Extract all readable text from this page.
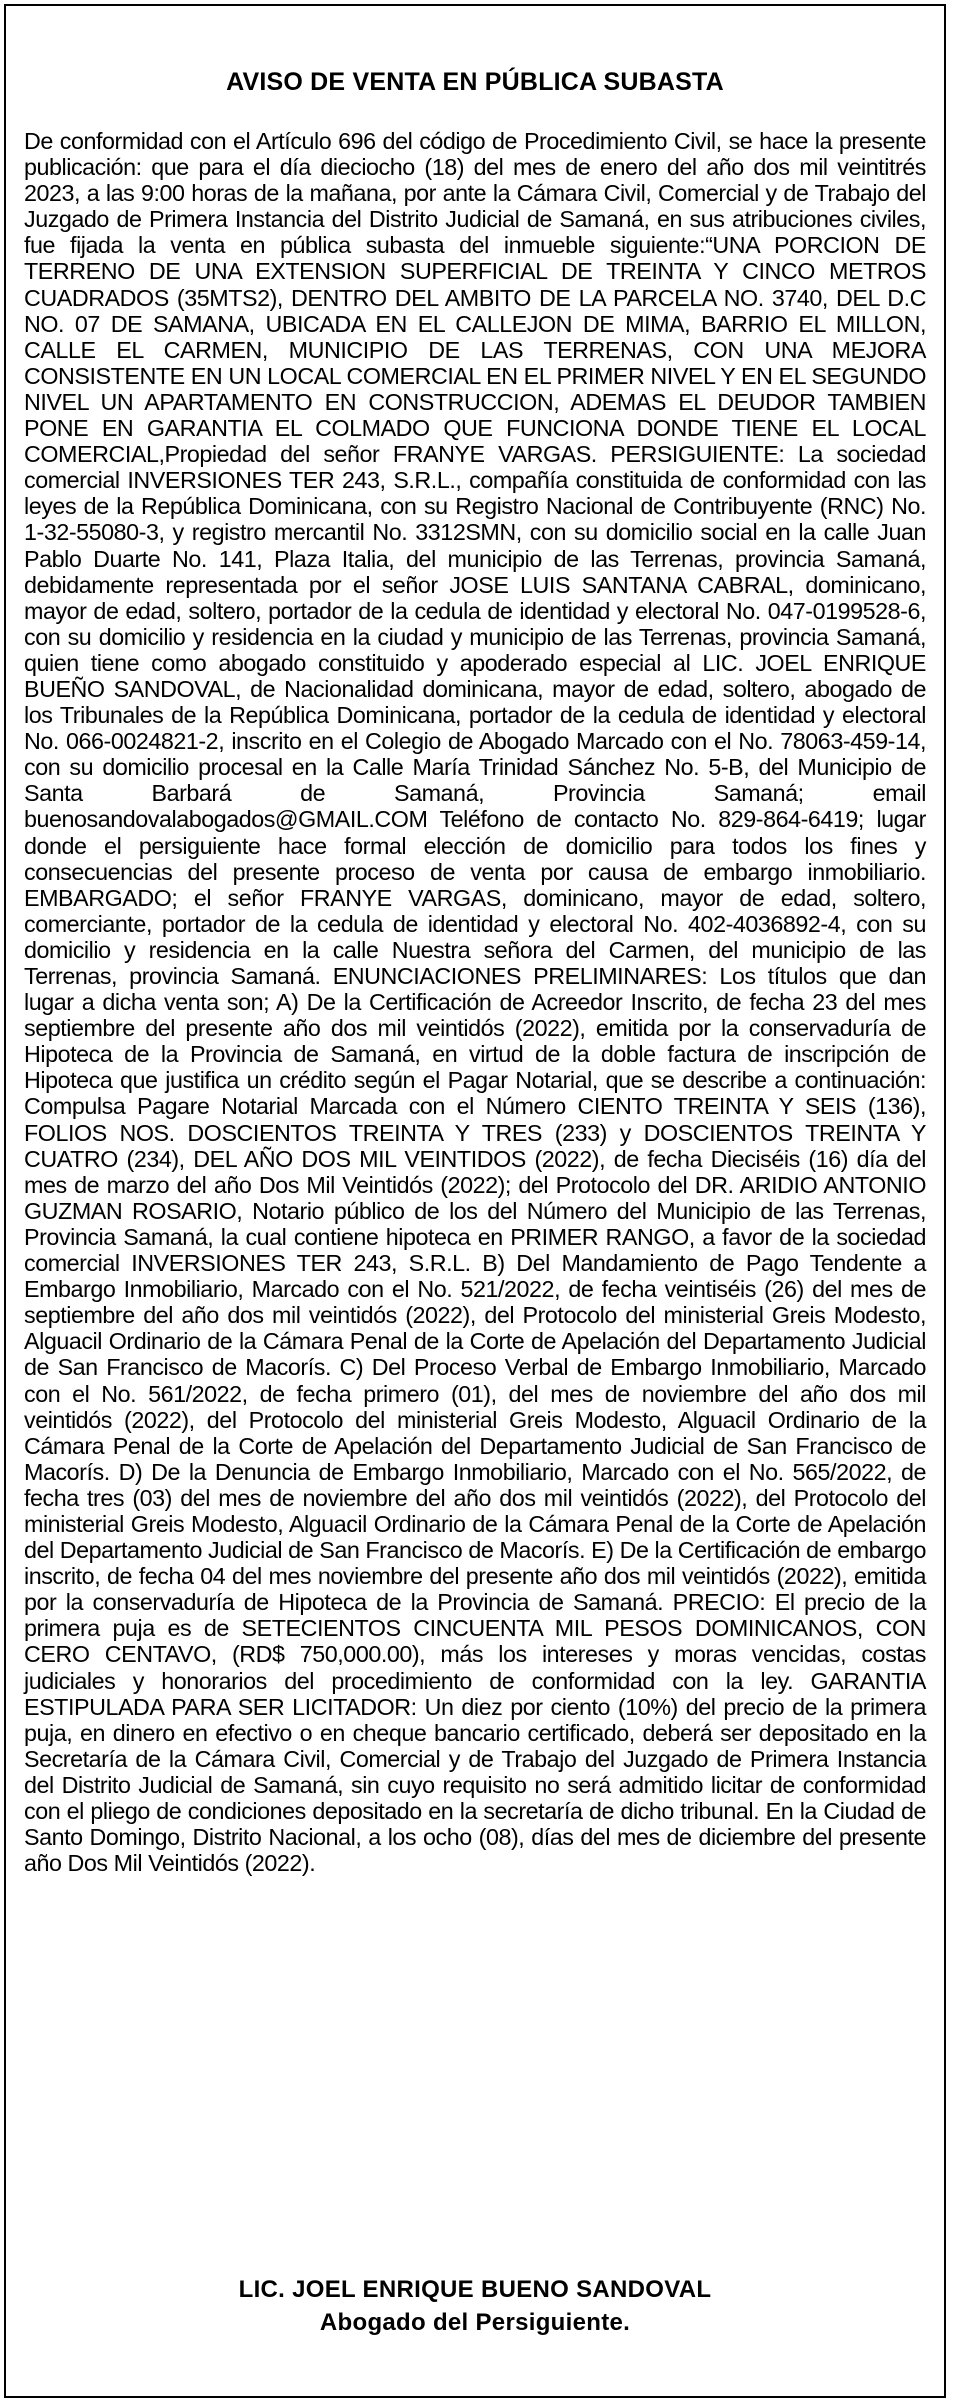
AVISO DE VENTA EN PÚBLICA SUBASTA
De conformidad con el Artículo 696 del código de Procedimiento Civil, se hace la presente publicación: que para el día dieciocho (18) del mes de enero del año dos mil veintitrés 2023, a las 9:00 horas de la mañana, por ante la Cámara Civil, Comercial y de Trabajo del Juzgado de Primera Instancia del Distrito Judicial de Samaná, en sus atribuciones civiles, fue fijada la venta en pública subasta del inmueble siguiente:“UNA PORCION DE TERRENO DE UNA EXTENSION SUPERFICIAL DE TREINTA Y CINCO METROS CUADRADOS (35MTS2), DENTRO DEL AMBITO DE LA PARCELA NO. 3740, DEL D.C NO. 07 DE SAMANA, UBICADA EN EL CALLEJON DE MIMA, BARRIO EL MILLON, CALLE EL CARMEN, MUNICIPIO DE LAS TERRENAS, CON UNA MEJORA CONSISTENTE EN UN LOCAL COMERCIAL EN EL PRIMER NIVEL Y EN EL SEGUNDO NIVEL UN APARTAMENTO EN CONSTRUCCION, ADEMAS EL DEUDOR TAMBIEN PONE EN GARANTIA EL COLMADO QUE FUNCIONA DONDE TIENE EL LOCAL COMERCIAL,Propiedad del señor FRANYE VARGAS. PERSIGUIENTE: La sociedad comercial INVERSIONES TER 243, S.R.L., compañía constituida de conformidad con las leyes de la República Dominicana, con su Registro Nacional de Contribuyente (RNC) No. 1-32-55080-3, y registro mercantil No. 3312SMN, con su domicilio social en la calle Juan Pablo Duarte No. 141, Plaza Italia, del municipio de las Terrenas, provincia Samaná, debidamente representada por el señor JOSE LUIS SANTANA CABRAL, dominicano, mayor de edad, soltero, portador de la cedula de identidad y electoral No. 047-0199528-6, con su domicilio y residencia en la ciudad y municipio de las Terrenas, provincia Samaná, quien tiene como abogado constituido y apoderado especial al LIC. JOEL ENRIQUE BUEÑO SANDOVAL, de Nacionalidad dominicana, mayor de edad, soltero, abogado de los Tribunales de la República Dominicana, portador de la cedula de identidad y electoral No. 066-0024821-2, inscrito en el Colegio de Abogado Marcado con el No. 78063-459-14, con su domicilio procesal en la Calle María Trinidad Sánchez No. 5-B, del Municipio de Santa Barbará de Samaná, Provincia Samaná; email buenosandovalabogados@GMAIL.COM Teléfono de contacto No. 829-864-6419; lugar donde el persiguiente hace formal elección de domicilio para todos los fines y consecuencias del presente proceso de venta por causa de embargo inmobiliario. EMBARGADO; el señor FRANYE VARGAS, dominicano, mayor de edad, soltero, comerciante, portador de la cedula de identidad y electoral No. 402-4036892-4, con su domicilio y residencia en la calle Nuestra señora del Carmen, del municipio de las Terrenas, provincia Samaná. ENUNCIACIONES PRELIMINARES: Los títulos que dan lugar a dicha venta son; A) De la Certificación de Acreedor Inscrito, de fecha 23 del mes septiembre del presente año dos mil veintidós (2022), emitida por la conservaduría de Hipoteca de la Provincia de Samaná, en virtud de la doble factura de inscripción de Hipoteca que justifica un crédito según el Pagar Notarial, que se describe a continuación: Compulsa Pagare Notarial Marcada con el Número CIENTO TREINTA Y SEIS (136), FOLIOS NOS. DOSCIENTOS TREINTA Y TRES (233) y DOSCIENTOS TREINTA Y CUATRO (234), DEL AÑO DOS MIL VEINTIDOS (2022), de fecha Dieciséis (16) día del mes de marzo del año Dos Mil Veintidós (2022); del Protocolo del DR. ARIDIO ANTONIO GUZMAN ROSARIO, Notario público de los del Número del Municipio de las Terrenas, Provincia Samaná, la cual contiene hipoteca en PRIMER RANGO, a favor de la sociedad comercial INVERSIONES TER 243, S.R.L. B) Del Mandamiento de Pago Tendente a Embargo Inmobiliario, Marcado con el No. 521/2022, de fecha veintiséis (26) del mes de septiembre del año dos mil veintidós (2022), del Protocolo del ministerial Greis Modesto, Alguacil Ordinario de la Cámara Penal de la Corte de Apelación del Departamento Judicial de San Francisco de Macorís. C) Del Proceso Verbal de Embargo Inmobiliario, Marcado con el No. 561/2022, de fecha primero (01), del mes de noviembre del año dos mil veintidós (2022), del Protocolo del ministerial Greis Modesto, Alguacil Ordinario de la Cámara Penal de la Corte de Apelación del Departamento Judicial de San Francisco de Macorís. D) De la Denuncia de Embargo Inmobiliario, Marcado con el No. 565/2022, de fecha tres (03) del mes de noviembre del año dos mil veintidós (2022), del Protocolo del ministerial Greis Modesto, Alguacil Ordinario de la Cámara Penal de la Corte de Apelación del Departamento Judicial de San Francisco de Macorís. E) De la Certificación de embargo inscrito, de fecha 04 del mes noviembre del presente año dos mil veintidós (2022), emitida por la conservaduría de Hipoteca de la Provincia de Samaná. PRECIO: El precio de la primera puja es de SETECIENTOS CINCUENTA MIL PESOS DOMINICANOS, CON CERO CENTAVO, (RD$ 750,000.00), más los intereses y moras vencidas, costas judiciales y honorarios del procedimiento de conformidad con la ley. GARANTIA ESTIPULADA PARA SER LICITADOR: Un diez por ciento (10%) del precio de la primera puja, en dinero en efectivo o en cheque bancario certificado, deberá ser depositado en la Secretaría de la Cámara Civil, Comercial y de Trabajo del Juzgado de Primera Instancia del Distrito Judicial de Samaná, sin cuyo requisito no será admitido licitar de conformidad con el pliego de condiciones depositado en la secretaría de dicho tribunal. En la Ciudad de Santo Domingo, Distrito Nacional, a los ocho (08), días del mes de diciembre del presente año Dos Mil Veintidós (2022).
LIC. JOEL ENRIQUE BUENO SANDOVAL
Abogado del Persiguiente.
